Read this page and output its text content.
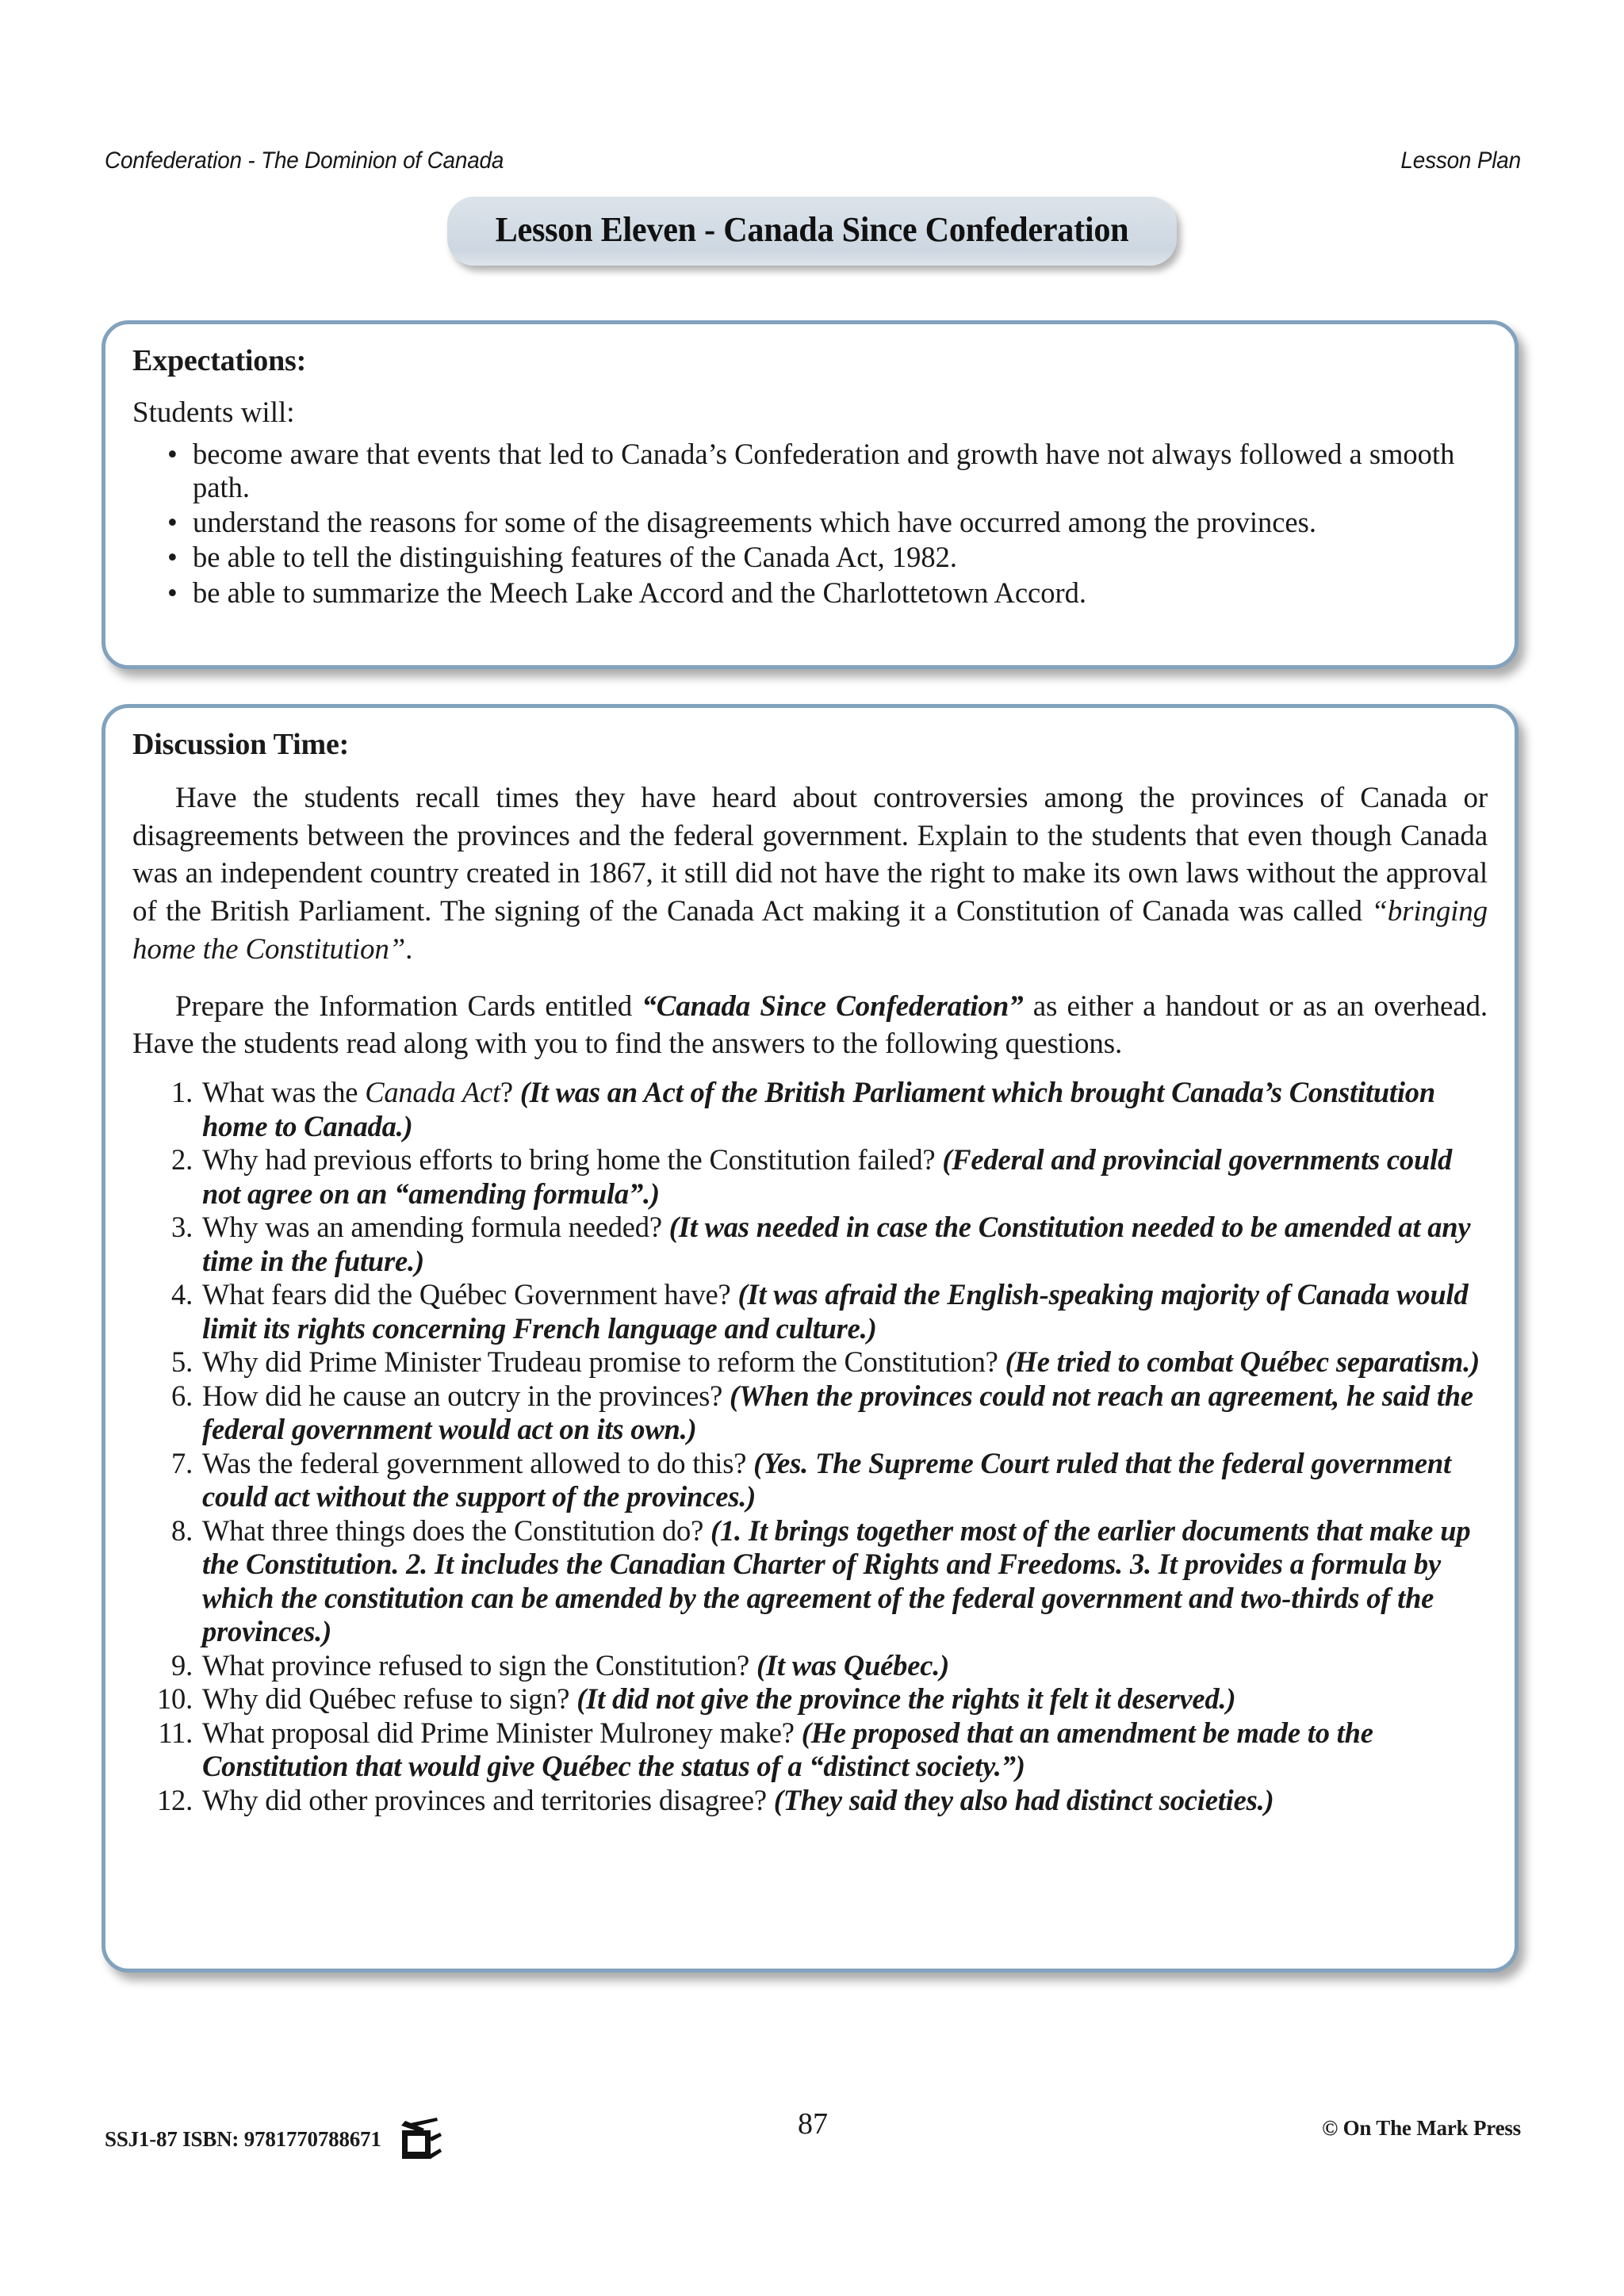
Confederation - The Dominion of Canada	Lesson Plan
Lesson Eleven - Canada Since Confederation
Expectations:
Students will:
• become aware that events that led to Canada’s Confederation and growth have not always followed a smooth path.
• understand the reasons for some of the disagreements which have occurred among the provinces.
• be able to tell the distinguishing features of the Canada Act, 1982.
• be able to summarize the Meech Lake Accord and the Charlottetown Accord.
Discussion Time:

Have the students recall times they have heard about controversies among the provinces of Canada or disagreements between the provinces and the federal government. Explain to the students that even though Canada was an independent country created in 1867, it still did not have the right to make its own laws without the approval of the British Parliament. The signing of the Canada Act making it a Constitution of Canada was called “bringing home the Constitution”.

Prepare the Information Cards entitled “Canada Since Confederation” as either a handout or as an overhead. Have the students read along with you to find the answers to the following questions.

1. What was the Canada Act? (It was an Act of the British Parliament which brought Canada’s Constitution home to Canada.)
2. Why had previous efforts to bring home the Constitution failed? (Federal and provincial governments could not agree on an “amending formula”.)
3. Why was an amending formula needed? (It was needed in case the Constitution needed to be amended at any time in the future.)
4. What fears did the Québec Government have? (It was afraid the English-speaking majority of Canada would limit its rights concerning French language and culture.)
5. Why did Prime Minister Trudeau promise to reform the Constitution? (He tried to combat Québec separatism.)
6. How did he cause an outcry in the provinces? (When the provinces could not reach an agreement, he said the federal government would act on its own.)
7. Was the federal government allowed to do this? (Yes. The Supreme Court ruled that the federal government could act without the support of the provinces.)
8. What three things does the Constitution do? (1. It brings together most of the earlier documents that make up the Constitution. 2. It includes the Canadian Charter of Rights and Freedoms. 3. It provides a formula by which the constitution can be amended by the agreement of the federal government and two-thirds of the provinces.)
9. What province refused to sign the Constitution? (It was Québec.)
10. Why did Québec refuse to sign? (It did not give the province the rights it felt it deserved.)
11. What proposal did Prime Minister Mulroney make? (He proposed that an amendment be made to the Constitution that would give Québec the status of a “distinct society.”)
12. Why did other provinces and territories disagree? (They said they also had distinct societies.)
SSJ1-87 ISBN: 9781770788671	87	© On The Mark Press
